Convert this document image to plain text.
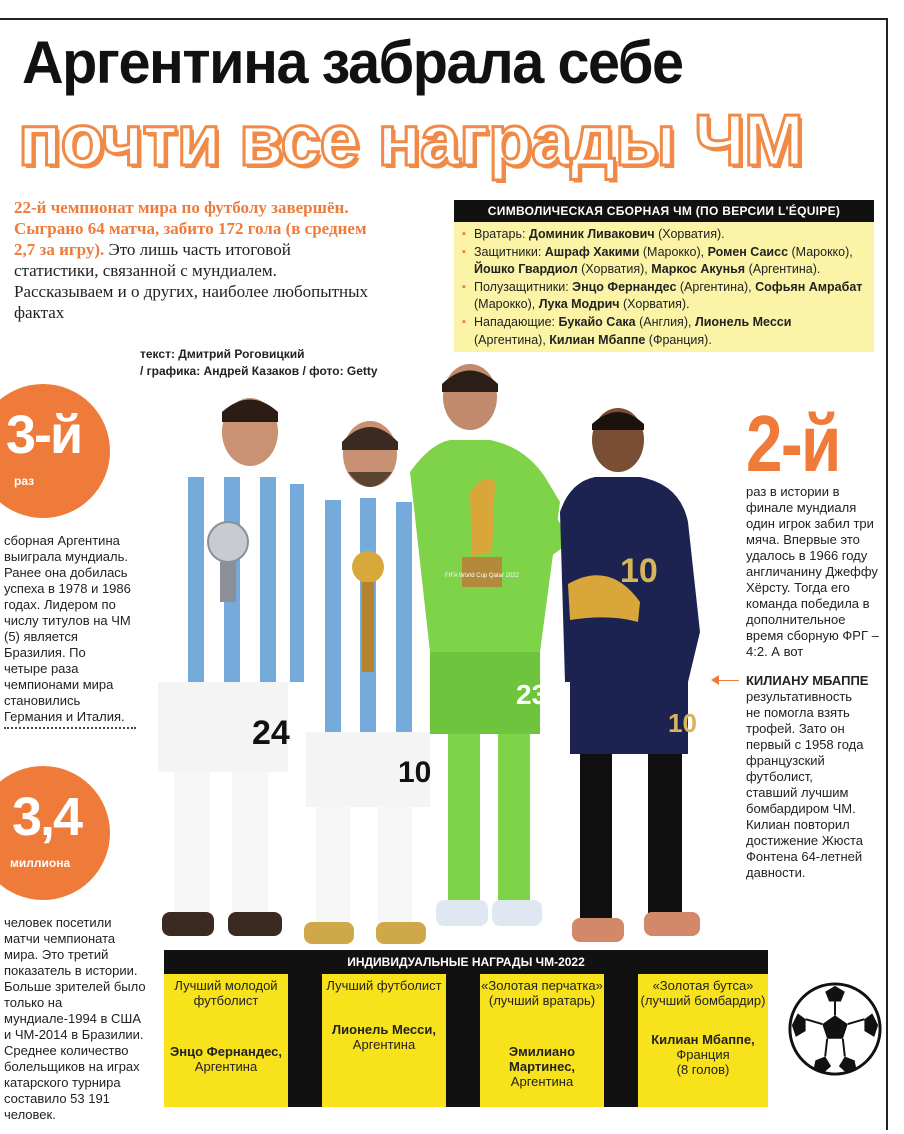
Аргентина забрала себе
почти все награды ЧМ
22-й чемпионат мира по футболу завершён. Сыграно 64 матча, забито 172 гола (в среднем 2,7 за игру). Это лишь часть итоговой статистики, связанной с мундиалем. Рассказываем и о других, наиболее любопытных фактах
текст: Дмитрий Роговицкий
/ графика: Андрей Казаков / фото: Getty
СИМВОЛИЧЕСКАЯ СБОРНАЯ ЧМ (ПО ВЕРСИИ L'ÉQUIPE)
▪ Вратарь: Доминик Ливакович (Хорватия).
▪ Защитники: Ашраф Хакими (Марокко), Ромен Саисс (Марокко), Йошко Гвардиол (Хорватия), Маркос Акунья (Аргентина).
▪ Полузащитники: Энцо Фернандес (Аргентина), Софьян Амрабат (Марокко), Лука Модрич (Хорватия).
▪ Нападающие: Букайо Сака (Англия), Лионель Месси (Аргентина), Килиан Мбаппе (Франция).
3-й
раз
сборная Аргентина выиграла мундиаль. Ранее она добилась успеха в 1978 и 1986 годах. Лидером по числу титулов на ЧМ (5) является Бразилия. По четыре раза чемпионами мира становились Германия и Италия.
3,4
миллиона
человек посетили матчи чемпионата мира. Это третий показатель в истории. Больше зрителей было только на мундиале-1994 в США и ЧМ-2014 в Бразилии. Среднее количество болельщиков на играх катарского турнира составило 53 191 человек.
2-й
раз в истории в финале мундиаля один игрок забил три мяча. Впервые это удалось в 1966 году англичанину Джеффу Хёрсту. Тогда его команда победила в дополнительное время сборную ФРГ – 4:2. А вот
КИЛИАНУ МБАППЕ
результативность не помогла взять трофей. Зато он первый с 1958 года французский футболист, ставший лучшим бомбардиром ЧМ. Килиан повторил достижение Жюста Фонтена 64-летней давности.
24
10
FIFA World Cup Qatar 2022
23
10
10
ИНДИВИДУАЛЬНЫЕ НАГРАДЫ ЧМ-2022
Лучший молодой футболист
Энцо Фернандес,
Аргентина

Лучший футболист
Лионель Месси,
Аргентина

«Золотая перчатка» (лучший вратарь)
Эмилиано Мартинес,
Аргентина

«Золотая бутса» (лучший бомбардир)
Килиан Мбаппе,
Франция
(8 голов)
